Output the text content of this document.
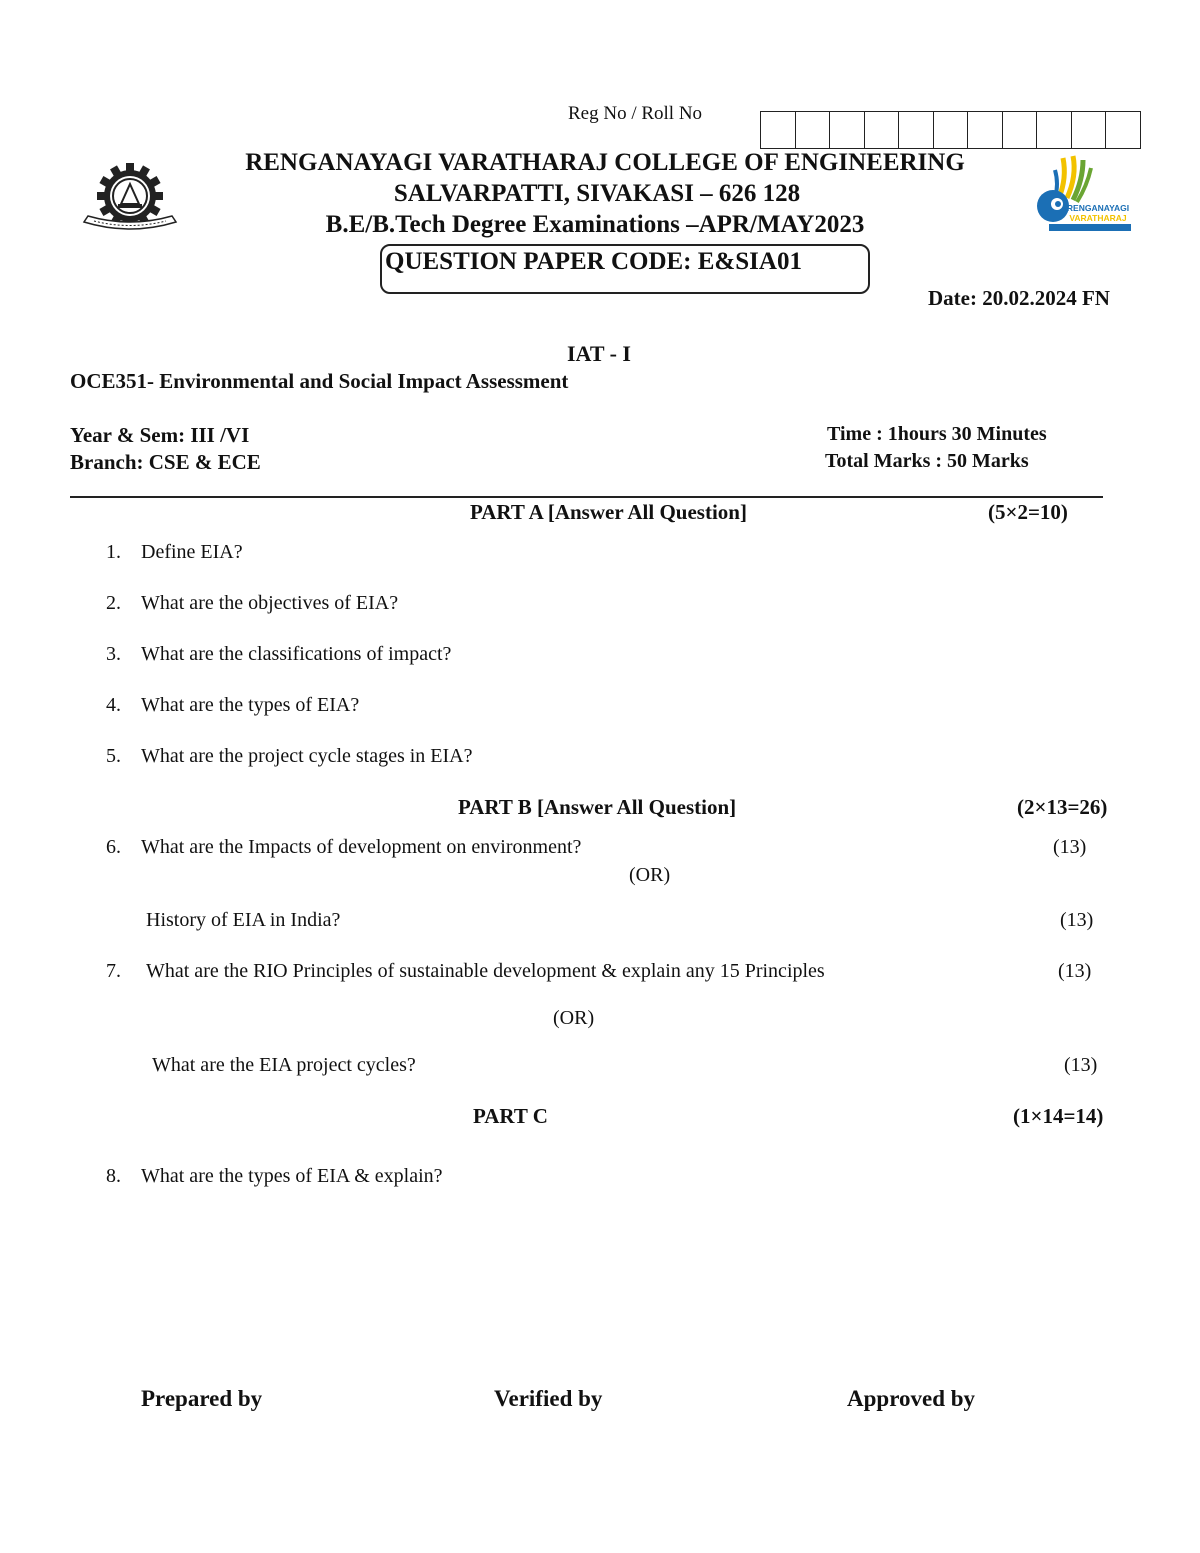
Reg No / Roll No
RENGANAYAGI
VARATHARAJ
RENGANAYAGI VARATHARAJ COLLEGE OF ENGINEERING
SALVARPATTI, SIVAKASI – 626 128
B.E/B.Tech Degree Examinations –APR/MAY2023
QUESTION PAPER CODE: E&SIA01
Date: 20.02.2024 FN
IAT - I
OCE351- Environmental and Social Impact Assessment
Year & Sem: III /VI
Branch: CSE & ECE
Time : 1hours 30 Minutes
Total Marks : 50 Marks
PART A [Answer All Question]	(5×2=10)
1. Define EIA?
2. What are the objectives of EIA?
3. What are the classifications of impact?
4. What are the types of EIA?
5. What are the project cycle stages in EIA?
PART B [Answer All Question]	(2×13=26)
6. What are the Impacts of development on environment?	(13)
(OR)
History of EIA in India?	(13)
7. What are the RIO Principles of sustainable development & explain any 15 Principles	(13)
(OR)
What are the EIA project cycles?	(13)
PART C	(1×14=14)
8. What are the types of EIA & explain?
Prepared by	Verified by	Approved by
